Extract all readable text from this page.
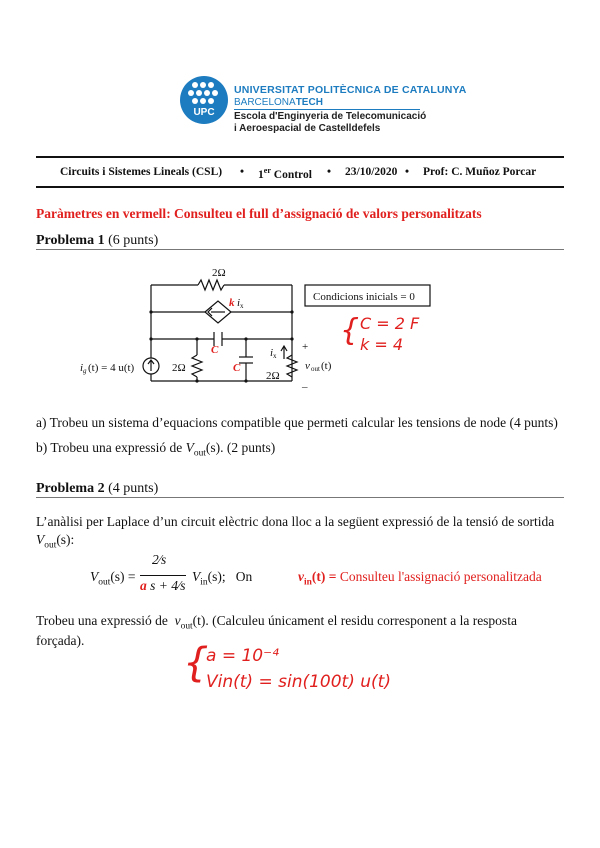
UPC
UNIVERSITAT POLITÈCNICA DE CATALUNYA
BARCELONATECH
Escola d'Enginyeria de Telecomunicació
i Aeroespacial de Castelldefels
Circuits i Sistemes Lineals (CSL) • 1er Control • 23/10/2020 • Prof: C. Muñoz Porcar
Paràmetres en vermell: Consulteu el full d’assignació de valors personalitzats
Problema 1 (6 punts)
2Ω
k i x
Condicions inicials = 0
C
C
i g (t) = 4 u(t)	2Ω
2Ω
i x
+
–
v out (t)
{ C = 2 F
k = 4
a) Trobeu un sistema d’equacions compatible que permeti calcular les tensions de node (4 punts)
b) Trobeu una expressió de $V_{out}(s)$. (2 punts)
Problema 2 (4 punts)
L’anàlisi per Laplace d’un circuit elèctric dona lloc a la següent expressió de la tensió de sortida
$V_{out}(s)$:
$V_{out}(s)$ =
2⁄s
a s + 4⁄s
$V_{in}(s)$; On	$v_{in}(t)$ = Consulteu l'assignació personalitzada
Trobeu una expressió de $v_{out}(t)$. (Calculeu únicament el residu corresponent a la resposta
forçada). {
a = 10⁻⁴
Vin(t) = sin(100t) u(t)
